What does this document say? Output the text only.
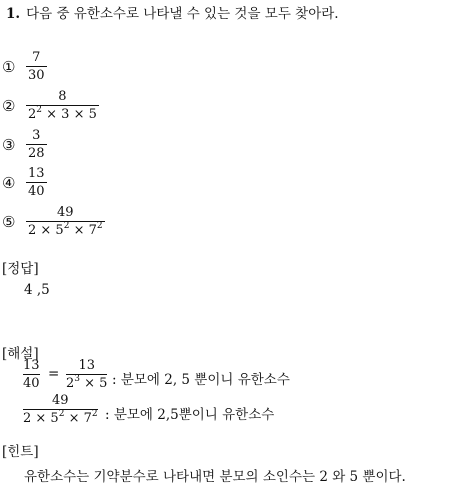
1. 다음 중 유한소수로 나타낼 수 있는 것을 모두 찾아라.
①
7
30
②
8
$2^2 \times 3 \times 5$
③
3
28
④
13
40
⑤
49
$2 \times 5^2 \times 7^2$
[정답]
4 ,5
[해설]
13
40
=
13
$2^3 \times 5$ : 분모에 2, 5 뿐이니 유한소수
49
$2 \times 5^2 \times 7^2$ : 분모에 2,5뿐이니 유한소수
[힌트]
유한소수는 기약분수로 나타내면 분모의 소인수는 2 와 5 뿐이다.
